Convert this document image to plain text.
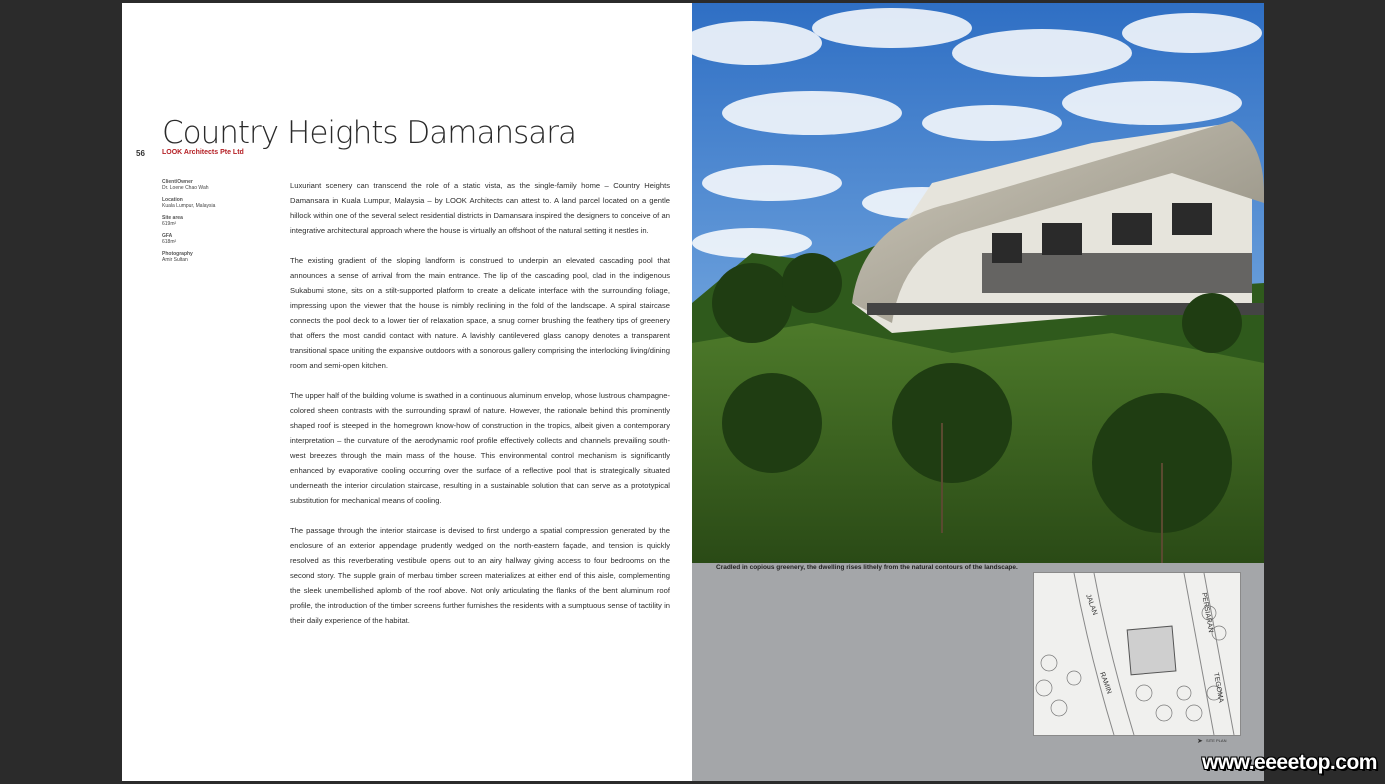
Country Heights Damansara
56 LOOK Architects Pte Ltd
Client/Owner
Dr. Loene Chao Wah
Location
Kuala Lumpur, Malaysia
Site area
619m²
GFA
618m²
Photography
Amir Sultan

Luxuriant scenery can transcend the role of a static vista, as the single-family home – Country Heights Damansara in Kuala Lumpur, Malaysia – by LOOK Architects can attest to. A land parcel located on a gentle hillock within one of the several select residential districts in Damansara inspired the designers to conceive of an integrative architectural approach where the house is virtually an offshoot of the natural setting it nestles in.

The existing gradient of the sloping landform is construed to underpin an elevated cascading pool that announces a sense of arrival from the main entrance. The lip of the cascading pool, clad in the indigenous Sukabumi stone, sits on a stilt-supported platform to create a delicate interface with the surrounding foliage, impressing upon the viewer that the house is nimbly reclining in the fold of the landscape. A spiral staircase connects the pool deck to a lower tier of relaxation space, a snug corner brushing the feathery tips of greenery that offers the most candid contact with nature. A lavishly cantilevered glass canopy denotes a transparent transitional space uniting the expansive outdoors with a sonorous gallery comprising the interlocking living/dining room and semi-open kitchen.

The upper half of the building volume is swathed in a continuous aluminum envelop, whose lustrous champagne-colored sheen contrasts with the surrounding sprawl of nature. However, the rationale behind this prominently shaped roof is steeped in the homegrown know-how of construction in the tropics, albeit given a contemporary interpretation – the curvature of the aerodynamic roof profile effectively collects and channels prevailing south-west breezes through the main mass of the house. This environmental control mechanism is significantly enhanced by evaporative cooling occurring over the surface of a reflective pool that is strategically situated underneath the interior circulation staircase, resulting in a sustainable solution that can serve as a prototypical substitution for mechanical means of cooling.

The passage through the interior staircase is devised to first undergo a spatial compression generated by the enclosure of an exterior appendage prudently wedged on the north-eastern façade, and tension is quickly resolved as this reverberating vestibule opens out to an airy hallway giving access to four bedrooms on the second story. The supple grain of merbau timber screen materializes at either end of this aisle, complementing the sleek unembellished aplomb of the roof above. Not only articulating the flanks of the bent aluminum roof profile, the introduction of the timber screens further furnishes the residents with a sumptuous sense of tactility in their daily experience of the habitat.

Cradled in copious greenery, the dwelling rises lithely from the natural contours of the landscape.
JALAN
RAMIN
PERSIARAN
TEGOMA
➤ SITE PLAN
www.eeeetop.com
